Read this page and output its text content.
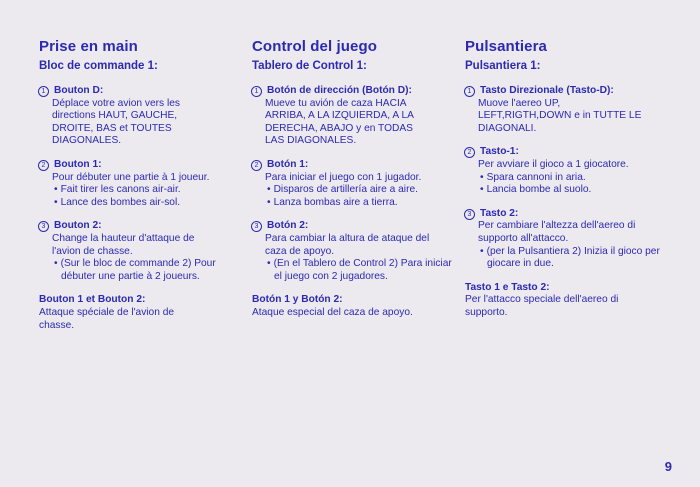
Prise en main
Bloc de commande 1:
1 Bouton D:
Déplace votre avion vers les
directions HAUT, GAUCHE,
DROITE, BAS et TOUTES
DIAGONALES.
2 Bouton 1:
Pour débuter une partie à 1 joueur.
• Fait tirer les canons air-air.
• Lance des bombes air-sol.
3 Bouton 2:
Change la hauteur d'attaque de
l'avion de chasse.
• (Sur le bloc de commande 2) Pour débuter une partie à 2 joueurs.
Bouton 1 et Bouton 2:
Attaque spéciale de l'avion de
chasse.
Control del juego
Tablero de Control 1:
1 Botón de dirección (Botón D):
Mueve tu avión de caza HACIA
ARRIBA, A LA IZQUIERDA, A LA
DERECHA, ABAJO y en TODAS
LAS DIAGONALES.
2 Botón 1:
Para iniciar el juego con 1 jugador.
• Disparos de artillería aire a aire.
• Lanza bombas aire a tierra.
3 Botón 2:
Para cambiar la altura de ataque del
caza de apoyo.
• (En el Tablero de Control 2) Para iniciar el juego con 2 jugadores.
Botón 1 y Botón 2:
Ataque especial del caza de apoyo.
Pulsantiera
Pulsantiera 1:
1 Tasto Direzionale (Tasto-D):
Muove l'aereo UP,
LEFT,RIGTH,DOWN e in TUTTE LE
DIAGONALI.
2 Tasto-1:
Per avviare il gioco a 1 giocatore.
• Spara cannoni in aria.
• Lancia bombe al suolo.
3 Tasto 2:
Per cambiare l'altezza dell'aereo di
supporto all'attacco.
• (per la Pulsantiera 2) Inizia il gioco per giocare in due.
Tasto 1 e Tasto 2:
Per l'attacco speciale dell'aereo di
supporto.
9
